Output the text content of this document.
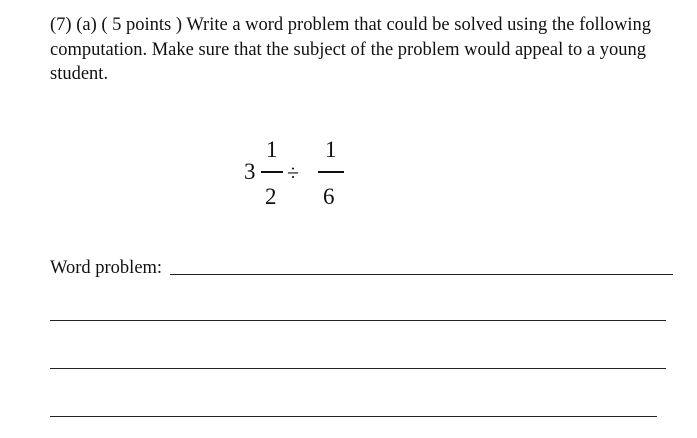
(7) (a) ( 5 points ) Write a word problem that could be solved using the following computation. Make sure that the subject of the problem would appeal to a young student.

3
1
2
÷
1
6
Word problem:
